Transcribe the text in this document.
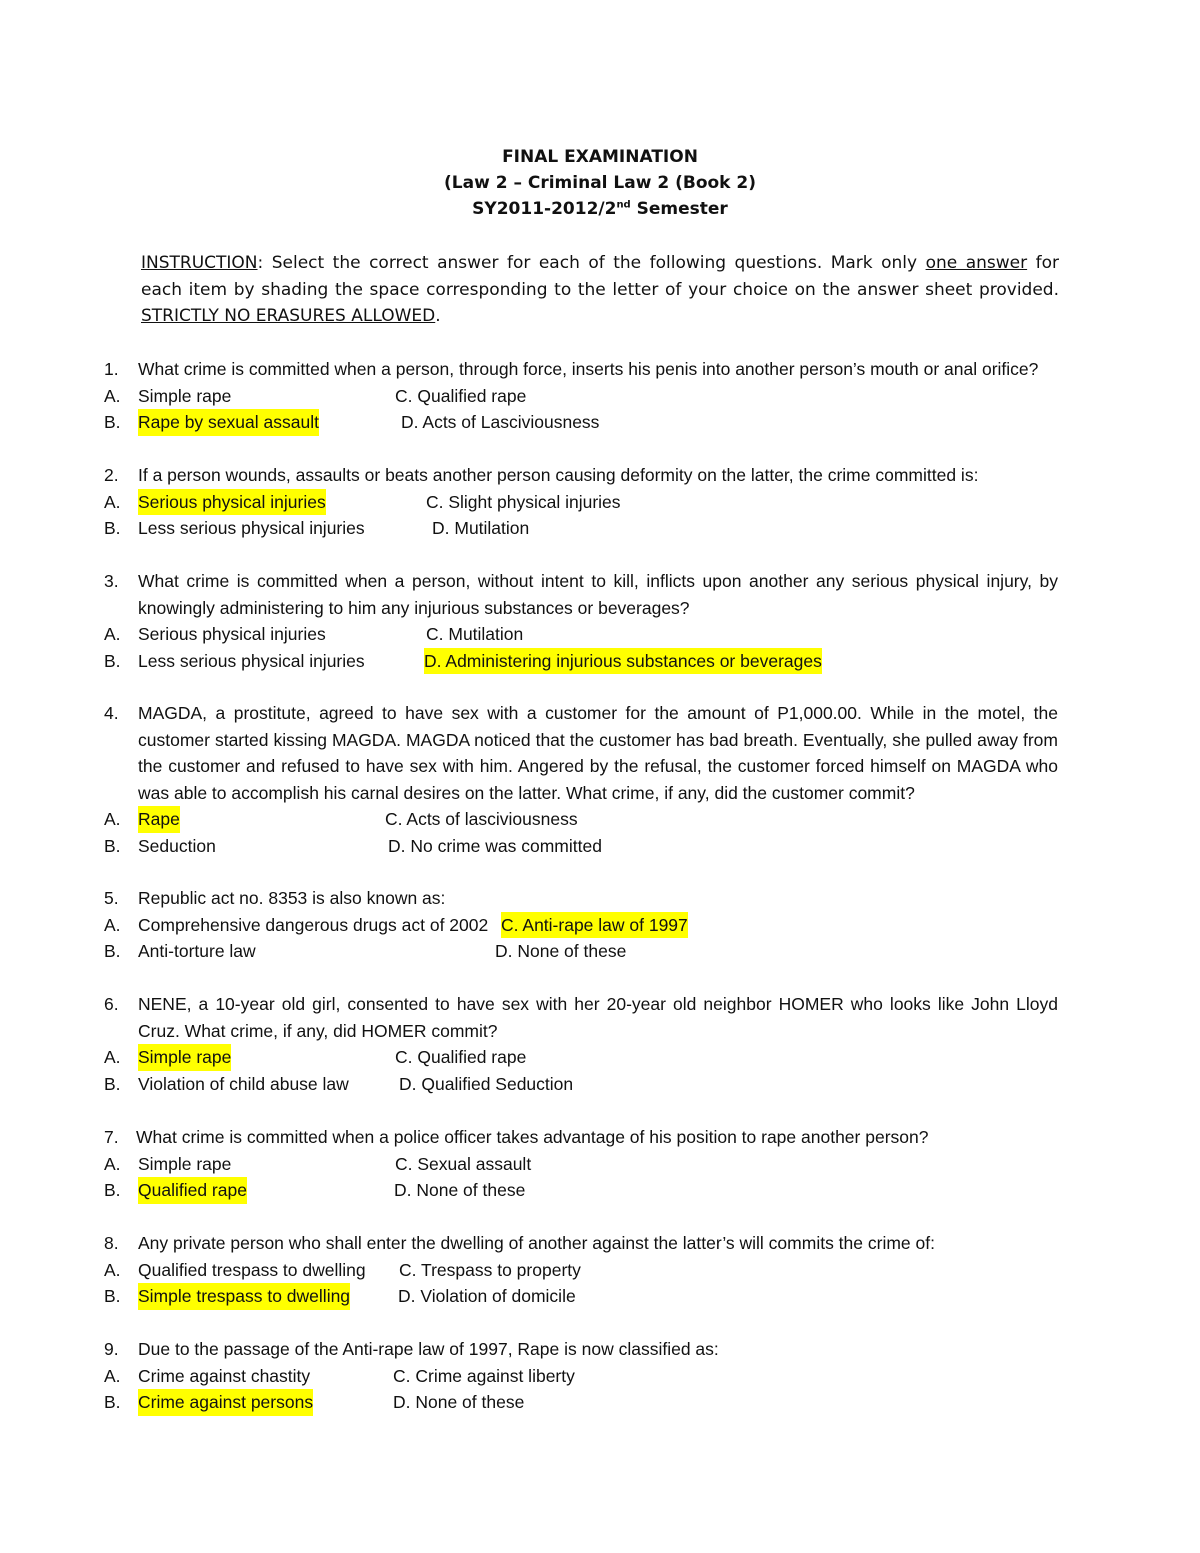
FINAL EXAMINATION
(Law 2 – Criminal Law 2 (Book 2)
SY2011-2012/2nd Semester
INSTRUCTION: Select the correct answer for each of the following questions. Mark only one answer for each item by shading the space corresponding to the letter of your choice on the answer sheet provided. STRICTLY NO ERASURES ALLOWED.
1. What crime is committed when a person, through force, inserts his penis into another person’s mouth or anal orifice?
A. Simple rape	C. Qualified rape
B. Rape by sexual assault	D. Acts of Lasciviousness
2. If a person wounds, assaults or beats another person causing deformity on the latter, the crime committed is:
A. Serious physical injuries	C. Slight physical injuries
B. Less serious physical injuries	D. Mutilation
3. What crime is committed when a person, without intent to kill, inflicts upon another any serious physical injury, by knowingly administering to him any injurious substances or beverages?
A. Serious physical injuries	C. Mutilation
B. Less serious physical injuries	D. Administering injurious substances or beverages
4. MAGDA, a prostitute, agreed to have sex with a customer for the amount of P1,000.00. While in the motel, the customer started kissing MAGDA. MAGDA noticed that the customer has bad breath. Eventually, she pulled away from the customer and refused to have sex with him. Angered by the refusal, the customer forced himself on MAGDA who was able to accomplish his carnal desires on the latter. What crime, if any, did the customer commit?
A. Rape	C. Acts of lasciviousness
B. Seduction	D. No crime was committed
5. Republic act no. 8353 is also known as:
A. Comprehensive dangerous drugs act of 2002 C. Anti-rape law of 1997
B. Anti-torture law	D. None of these
6. NENE, a 10-year old girl, consented to have sex with her 20-year old neighbor HOMER who looks like John Lloyd Cruz. What crime, if any, did HOMER commit?
A. Simple rape	C. Qualified rape
B. Violation of child abuse law	D. Qualified Seduction
7. What crime is committed when a police officer takes advantage of his position to rape another person?
A. Simple rape	C. Sexual assault
B. Qualified rape	D. None of these
8. Any private person who shall enter the dwelling of another against the latter’s will commits the crime of:
A. Qualified trespass to dwelling C. Trespass to property
B. Simple trespass to dwelling	D. Violation of domicile
9. Due to the passage of the Anti-rape law of 1997, Rape is now classified as:
A. Crime against chastity	C. Crime against liberty
B. Crime against persons	D. None of these
